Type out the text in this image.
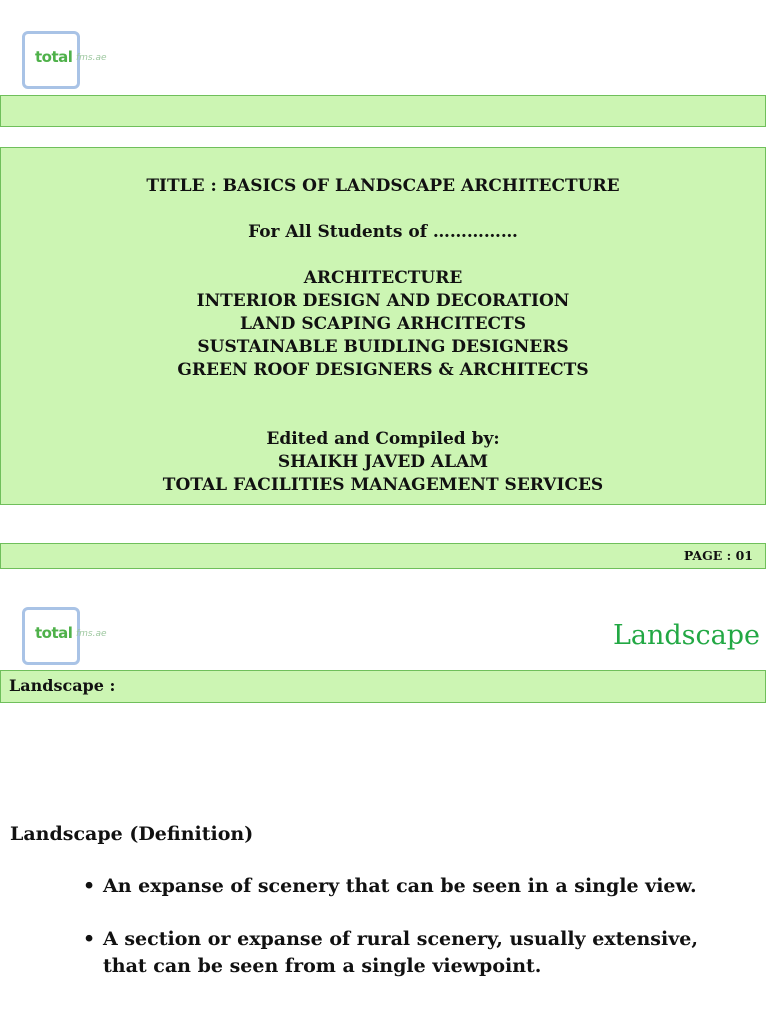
total fms.ae
TITLE : BASICS OF LANDSCAPE ARCHITECTURE
For All Students of ……………
ARCHITECTURE
INTERIOR DESIGN AND DECORATION
LAND SCAPING ARHCITECTS
SUSTAINABLE BUIDLING DESIGNERS
GREEN ROOF DESIGNERS & ARCHITECTS
Edited and Compiled by:
SHAIKH JAVED ALAM
TOTAL FACILITIES MANAGEMENT SERVICES
PAGE : 01
total fms.ae	Landscape
Landscape :
Landscape (Definition)
• An expanse of scenery that can be seen in a single view.
• A section or expanse of rural scenery, usually extensive,
that can be seen from a single viewpoint.
